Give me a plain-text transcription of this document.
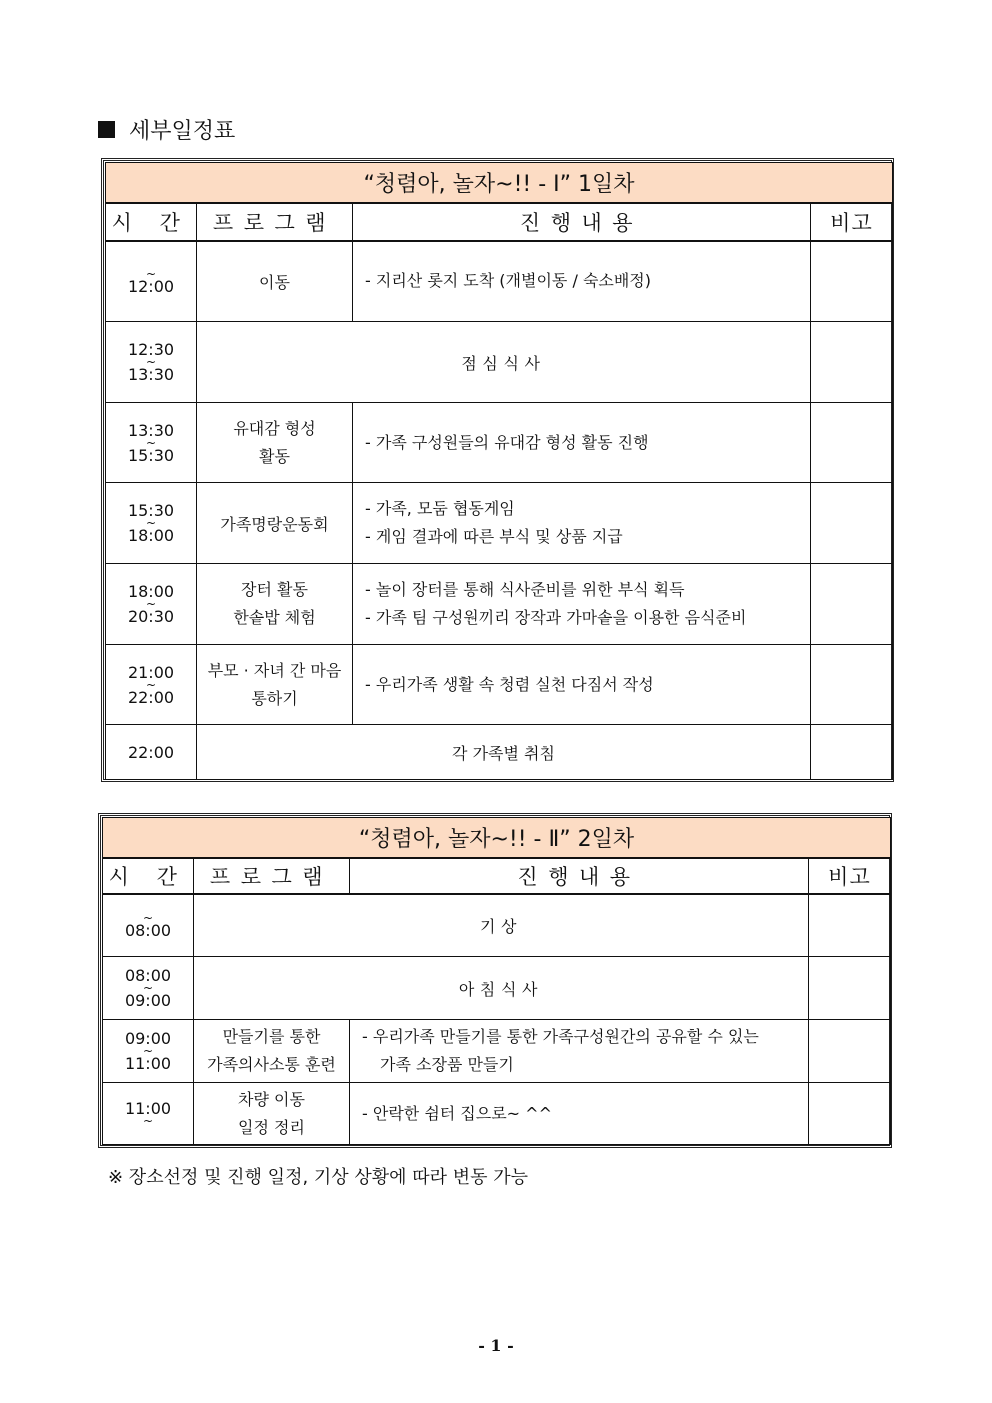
세부일정표
“청렴아, 놀자~!! - Ⅰ” 1일차			
시 간	프로그램	진행내용	비고

~
12:00	이동	- 지리산 롯지 도착 (개별이동 / 숙소배정)	

12:30
~
13:30	점심식사		
13:30
~
15:30	유대감 형성
활동	- 가족 구성원들의 유대감 형성 활동 진행	

15:30
~
18:00	가족명랑운동회	- 가족, 모둠 협동게임
- 게임 결과에 따른 부식 및 상품 지급	

18:00
~
20:30	장터 활동
한솥밥 체험	- 놀이 장터를 통해 식사준비를 위한 부식 획득
- 가족 팀 구성원끼리 장작과 가마솥을 이용한 음식준비	

21:00
~
22:00	부모 · 자녀 간 마음
통하기	- 우리가족 생활 속 청렴 실천 다짐서 작성	

22:00	각 가족별 취침		
“청렴아, 놀자~!! - Ⅱ” 2일차			
시 간	프로그램	진행내용	비고

~
08:00	기상		
08:00
~
09:00	아침식사		
09:00
~
11:00	만들기를 통한
가족의사소통 훈련	- 우리가족 만들기를 통한 가족구성원간의 공유할 수 있는
가족 소장품 만들기	

11:00
~	차량 이동
일정 정리	- 안락한 쉼터 집으로~ ^^	

※ 장소선정 및 진행 일정, 기상 상황에 따라 변동 가능
- 1 -
